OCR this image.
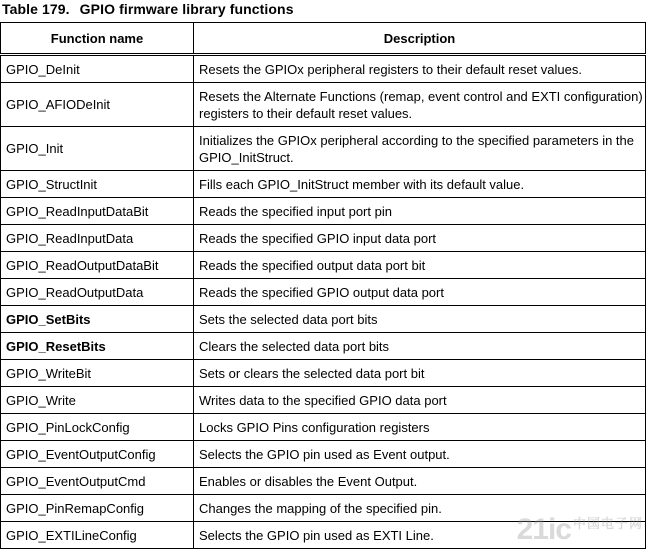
Table 179. GPIO firmware library functions
Function name	Description
GPIO_DeInit	Resets the GPIOx peripheral registers to their default reset values.
GPIO_AFIODeInit	Resets the Alternate Functions (remap, event control and EXTI configuration) registers to their default reset values.
GPIO_Init	Initializes the GPIOx peripheral according to the specified parameters in the GPIO_InitStruct.
GPIO_StructInit	Fills each GPIO_InitStruct member with its default value.
GPIO_ReadInputDataBit	Reads the specified input port pin
GPIO_ReadInputData	Reads the specified GPIO input data port
GPIO_ReadOutputDataBit	Reads the specified output data port bit
GPIO_ReadOutputData	Reads the specified GPIO output data port
GPIO_SetBits	Sets the selected data port bits
GPIO_ResetBits	Clears the selected data port bits
GPIO_WriteBit	Sets or clears the selected data port bit
GPIO_Write	Writes data to the specified GPIO data port
GPIO_PinLockConfig	Locks GPIO Pins configuration registers
GPIO_EventOutputConfig	Selects the GPIO pin used as Event output.
GPIO_EventOutputCmd	Enables or disables the Event Output.
GPIO_PinRemapConfig	Changes the mapping of the specified pin.
GPIO_EXTILineConfig	Selects the GPIO pin used as EXTI Line.	21ic $^{中国电子网}$
